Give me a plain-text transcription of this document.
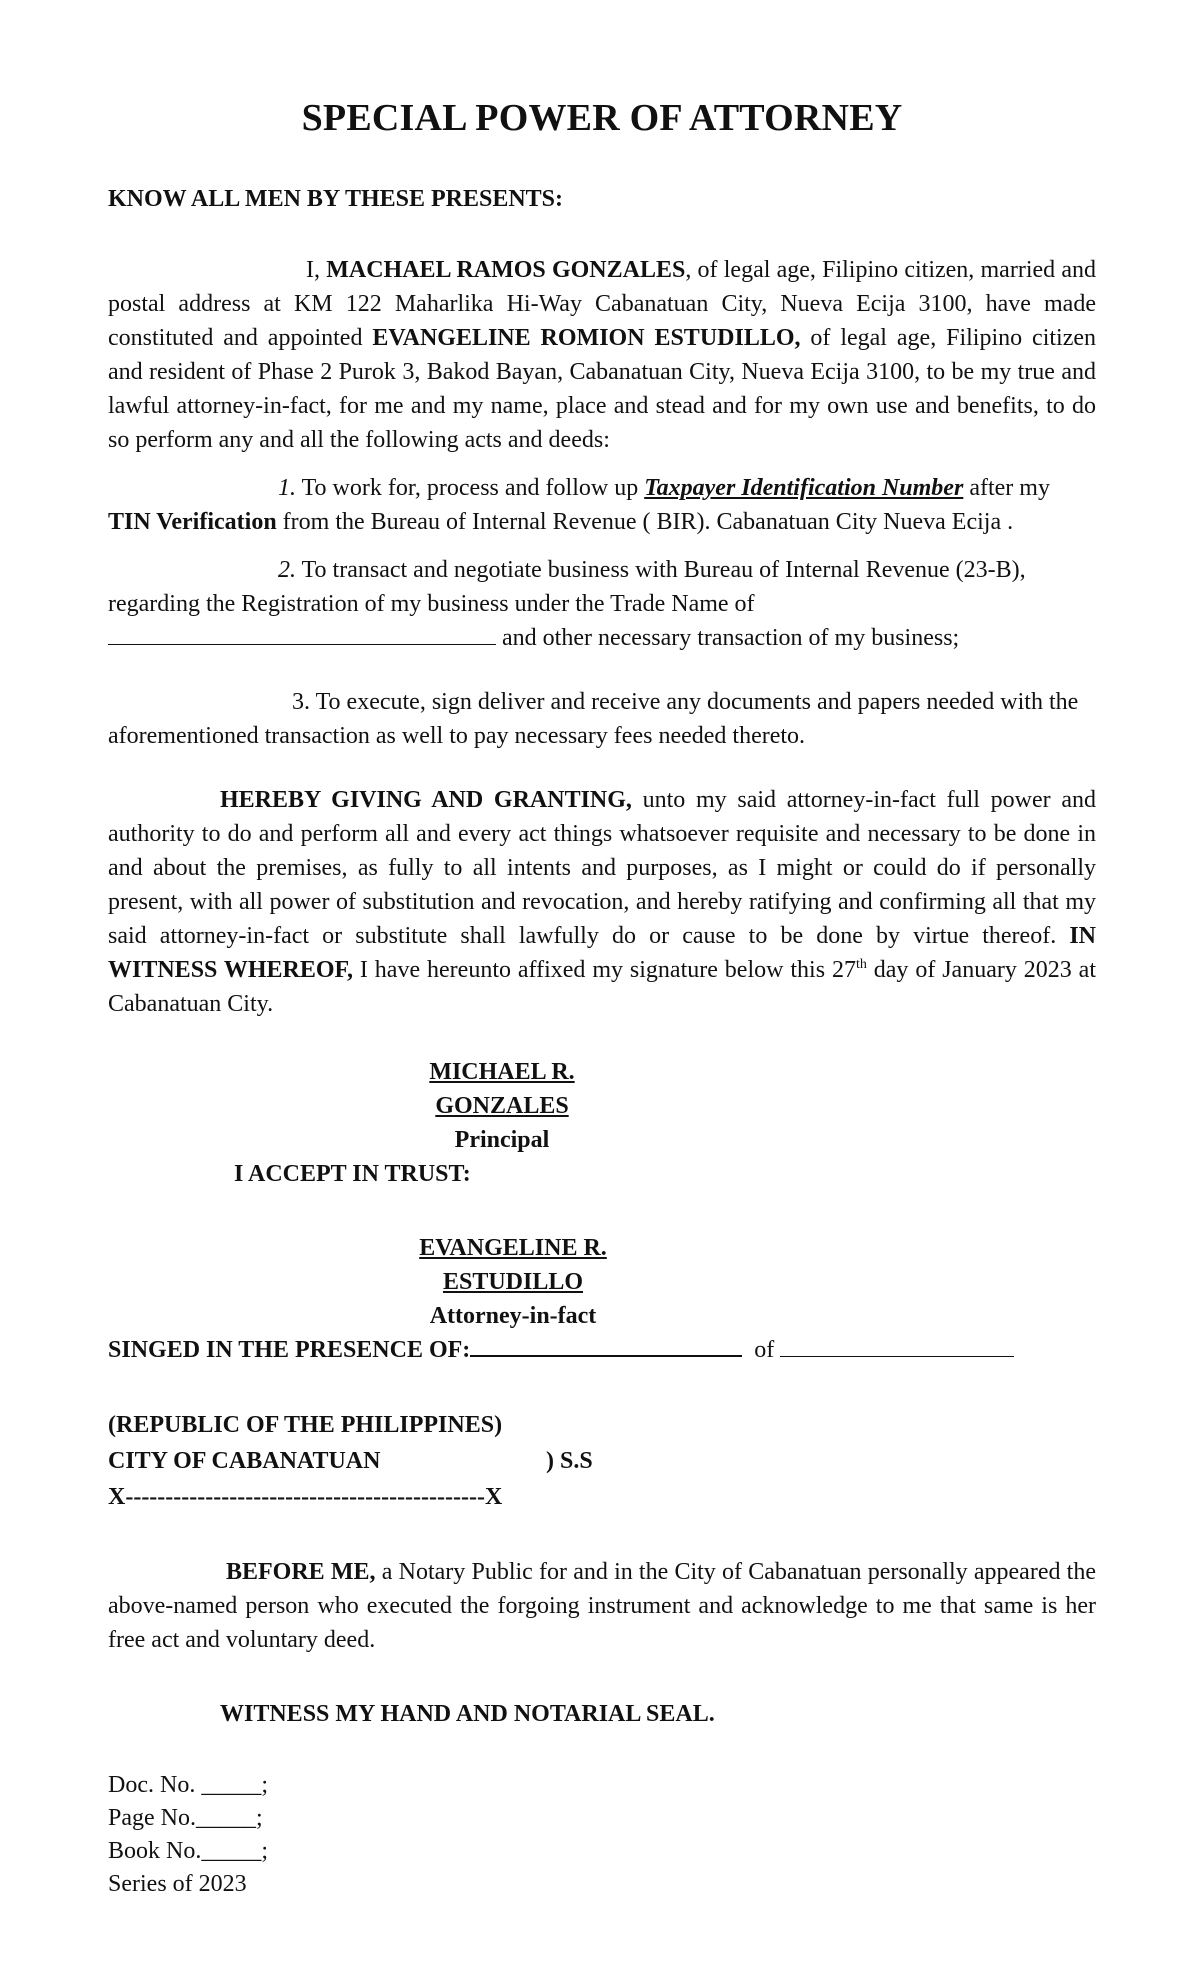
SPECIAL POWER OF ATTORNEY
KNOW ALL MEN BY THESE PRESENTS:

I, MACHAEL RAMOS GONZALES, of legal age, Filipino citizen, married and postal address at KM 122 Maharlika Hi-Way Cabanatuan City, Nueva Ecija 3100, have made constituted and appointed EVANGELINE ROMION ESTUDILLO, of legal age, Filipino citizen and resident of Phase 2 Purok 3, Bakod Bayan, Cabanatuan City, Nueva Ecija 3100, to be my true and lawful attorney-in-fact, for me and my name, place and stead and for my own use and benefits, to do so perform any and all the following acts and deeds:

1. To work for, process and follow up Taxpayer Identification Number after my TIN Verification from the Bureau of Internal Revenue ( BIR). Cabanatuan City Nueva Ecija .

2. To transact and negotiate business with Bureau of Internal Revenue (23-B), regarding the Registration of my business under the Trade Name of  and other necessary transaction of my business;

3. To execute, sign deliver and receive any documents and papers needed with the aforementioned transaction as well to pay necessary fees needed thereto.

HEREBY GIVING AND GRANTING, unto my said attorney-in-fact full power and authority to do and perform all and every act things whatsoever requisite and necessary to be done in and about the premises, as fully to all intents and purposes, as I might or could do if personally present, with all power of substitution and revocation, and hereby ratifying and confirming all that my said attorney-in-fact or substitute shall lawfully do or cause to be done by virtue thereof. IN WITNESS WHEREOF, I have hereunto affixed my signature below this 27th day of January 2023 at Cabanatuan City.

MICHAEL R. GONZALES

Principal

I ACCEPT IN TRUST:

EVANGELINE R. ESTUDILLO

Attorney-in-fact

SINGED IN THE PRESENCE OF:	of

(REPUBLIC OF THE PHILIPPINES)

CITY OF CABANATUAN	) S.S

X---------------------------------------------X

BEFORE ME, a Notary Public for and in the City of Cabanatuan personally appeared the above-named person who executed the forgoing instrument and acknowledge to me that same is her free act and voluntary deed.

WITNESS MY HAND AND NOTARIAL SEAL.

Doc. No. _____;

Page No._____;

Book No._____;

Series of 2023
